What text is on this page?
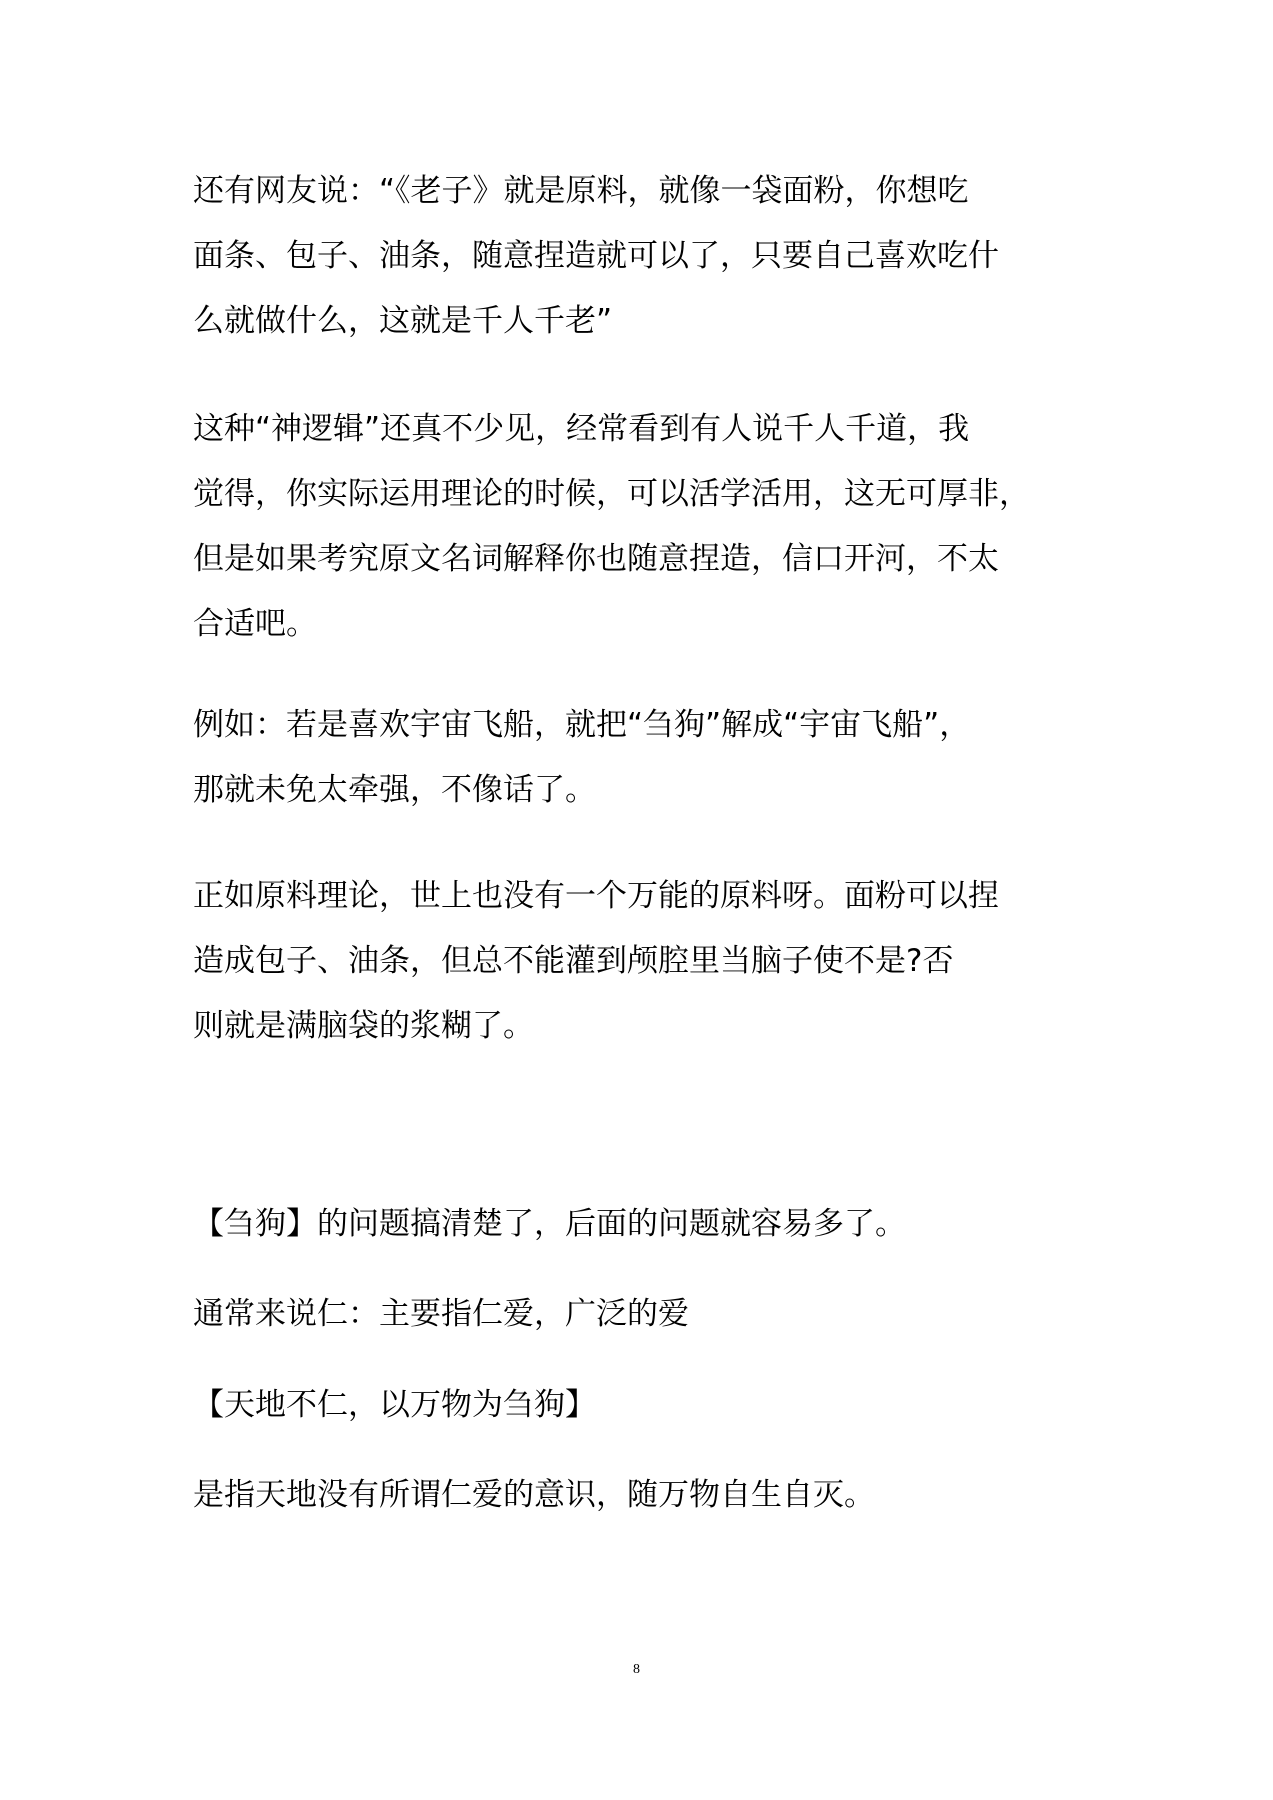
还有网友说：“《老子》就是原料，就像一袋面粉，你想吃
面条、包子、油条，随意捏造就可以了，只要自己喜欢吃什
么就做什么，这就是千人千老”
这种“神逻辑”还真不少见，经常看到有人说千人千道，我
觉得，你实际运用理论的时候，可以活学活用，这无可厚非，
但是如果考究原文名词解释你也随意捏造，信口开河，不太
合适吧。
例如：若是喜欢宇宙飞船，就把“刍狗”解成“宇宙飞船”，
那就未免太牵强，不像话了。
正如原料理论，世上也没有一个万能的原料呀。面粉可以捏
造成包子、油条，但总不能灌到颅腔里当脑子使不是?否
则就是满脑袋的浆糊了。
【刍狗】的问题搞清楚了，后面的问题就容易多了。
通常来说仁：主要指仁爱，广泛的爱
【天地不仁，以万物为刍狗】
是指天地没有所谓仁爱的意识，随万物自生自灭。
8
